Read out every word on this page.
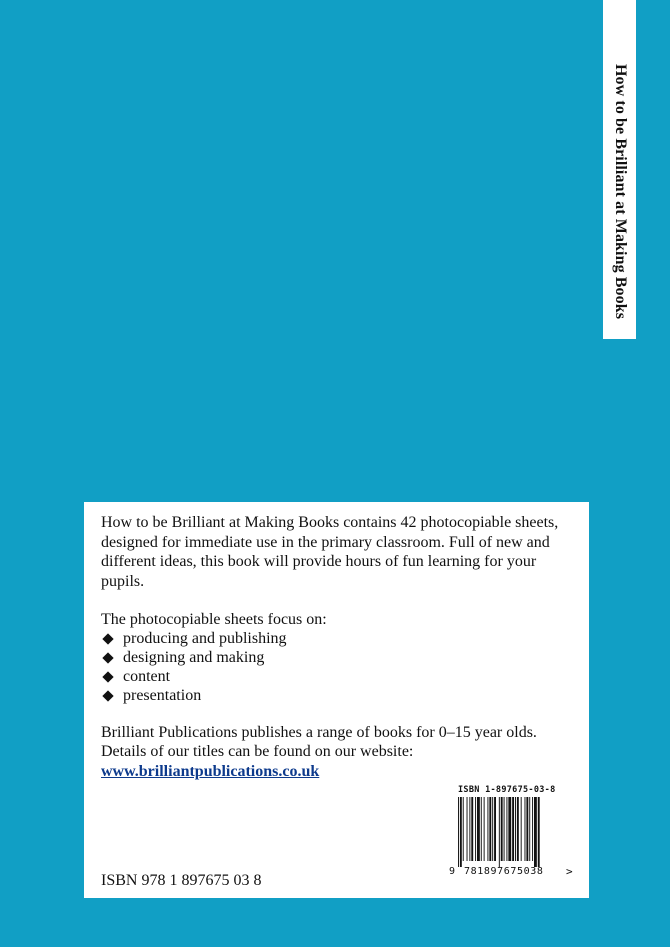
How to be Brilliant at Making Books

How to be Brilliant at Making Books contains 42 photocopiable sheets, designed for immediate use in the primary classroom. Full of new and different ideas, this book will provide hours of fun learning for your pupils.

The photocopiable sheets focus on:

producing and publishing
designing and making
content
presentation

Brilliant Publications publishes a range of books for 0–15 year olds.

Details of our titles can be found on our website:

www.brilliantpublications.co.uk
ISBN 978 1 897675 03 8
ISBN 1-897675-03-8
9 781897675038 >
